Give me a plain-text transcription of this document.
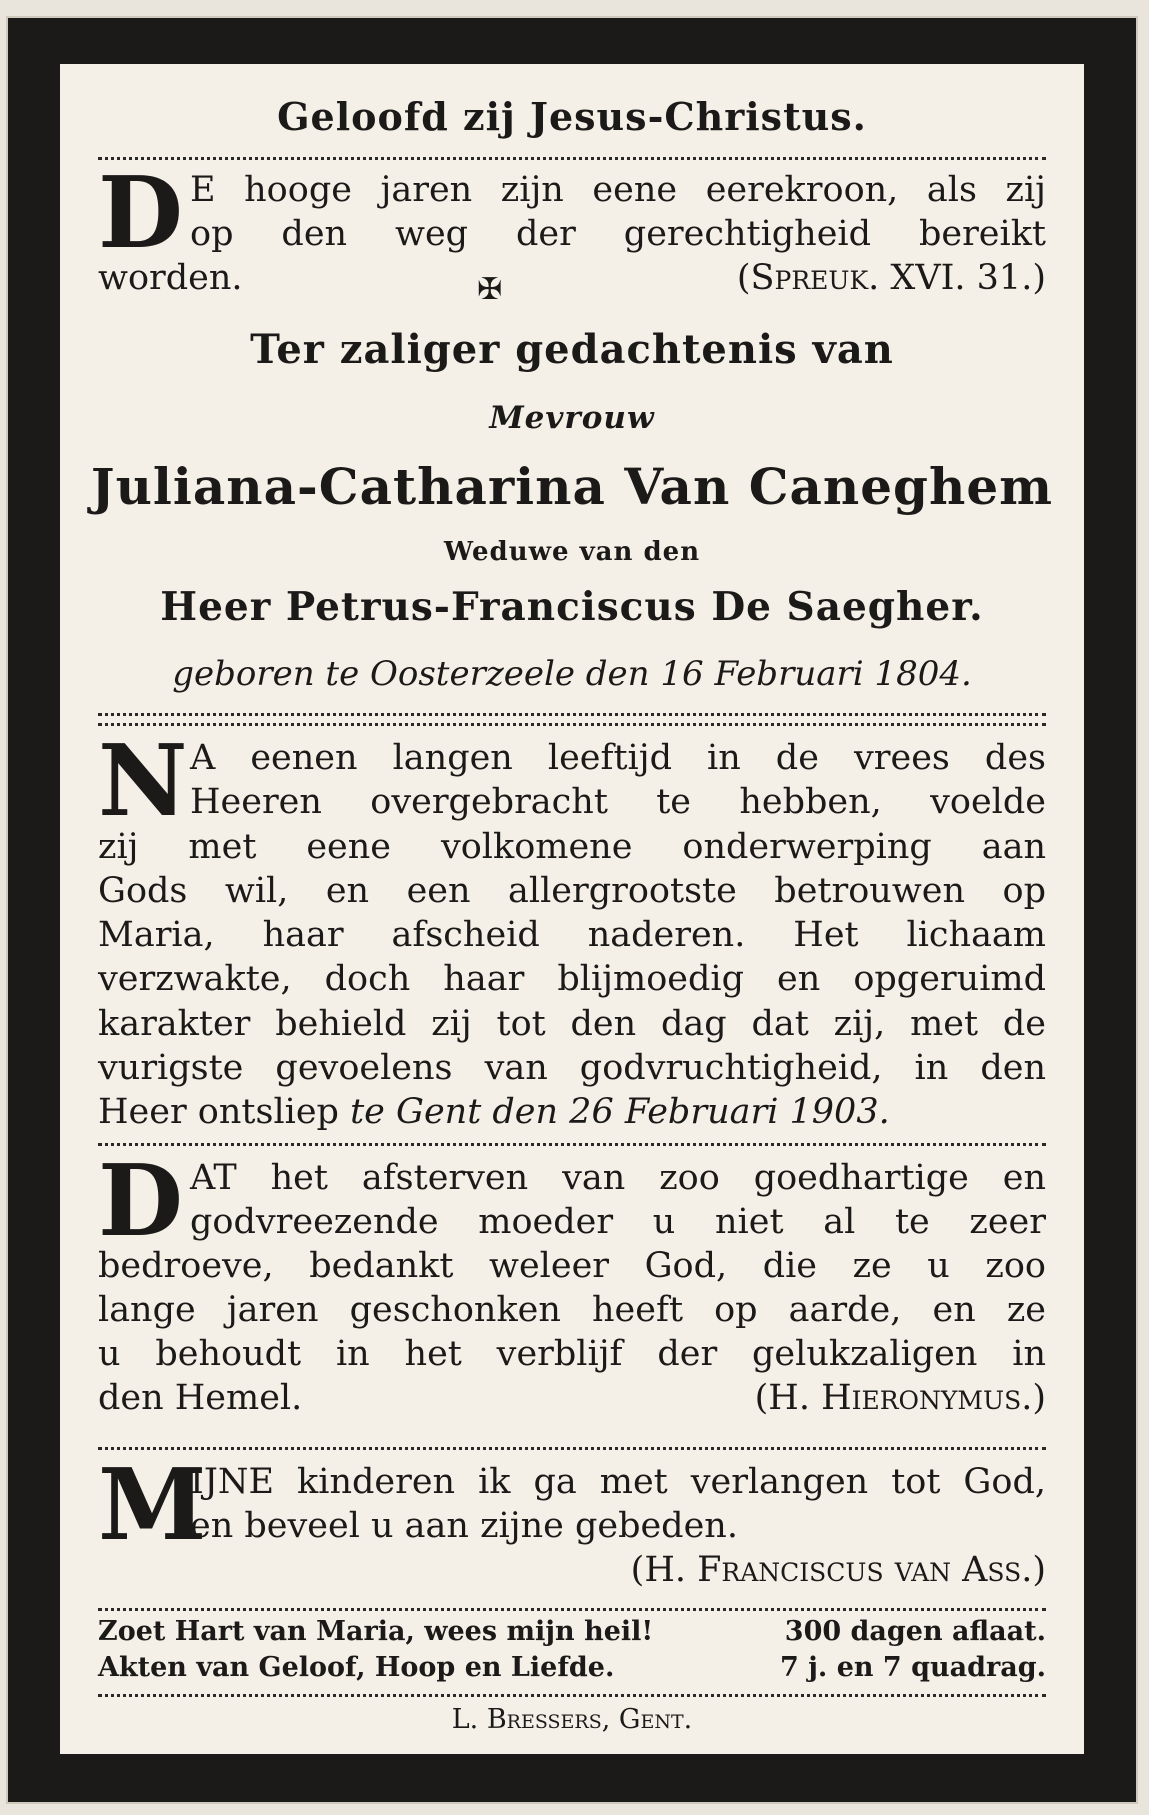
Geloofd zij Jesus-Christus.
D E hooge jaren zijn eene eerekroon, als zij

op den weg der gerechtigheid bereikt

worden.	✠	(Spreuk. XVI. 31.)

Ter zaliger gedachtenis van
Mevrouw
Juliana-Catharina Van Caneghem
Weduwe van den
Heer Petrus-Franciscus De Saegher.
geboren te Oosterzeele den 16 Februari 1804.
N A eenen langen leeftijd in de vrees des

Heeren overgebracht te hebben, voelde

zij met eene volkomene onderwerping aan

Gods wil, en een allergrootste betrouwen op

Maria, haar afscheid naderen. Het lichaam

verzwakte, doch haar blijmoedig en opgeruimd

karakter behield zij tot den dag dat zij, met de

vurigste gevoelens van godvruchtigheid, in den

Heer ontsliep te Gent den 26 Februari 1903.

D AT het afsterven van zoo goedhartige en

godvreezende moeder u niet al te zeer

bedroeve, bedankt weleer God, die ze u zoo

lange jaren geschonken heeft op aarde, en ze

u behoudt in het verblijf der gelukzaligen in

den Hemel.	(H. Hieronymus.)

M

IJNE kinderen ik ga met verlangen tot God,

en beveel u aan zijne gebeden.

(H. Franciscus van Ass.)

Zoet Hart van Maria, wees mijn heil!	300 dagen aflaat.
Akten van Geloof, Hoop en Liefde.	7 j. en 7 quadrag.
L. Bressers, Gent.
